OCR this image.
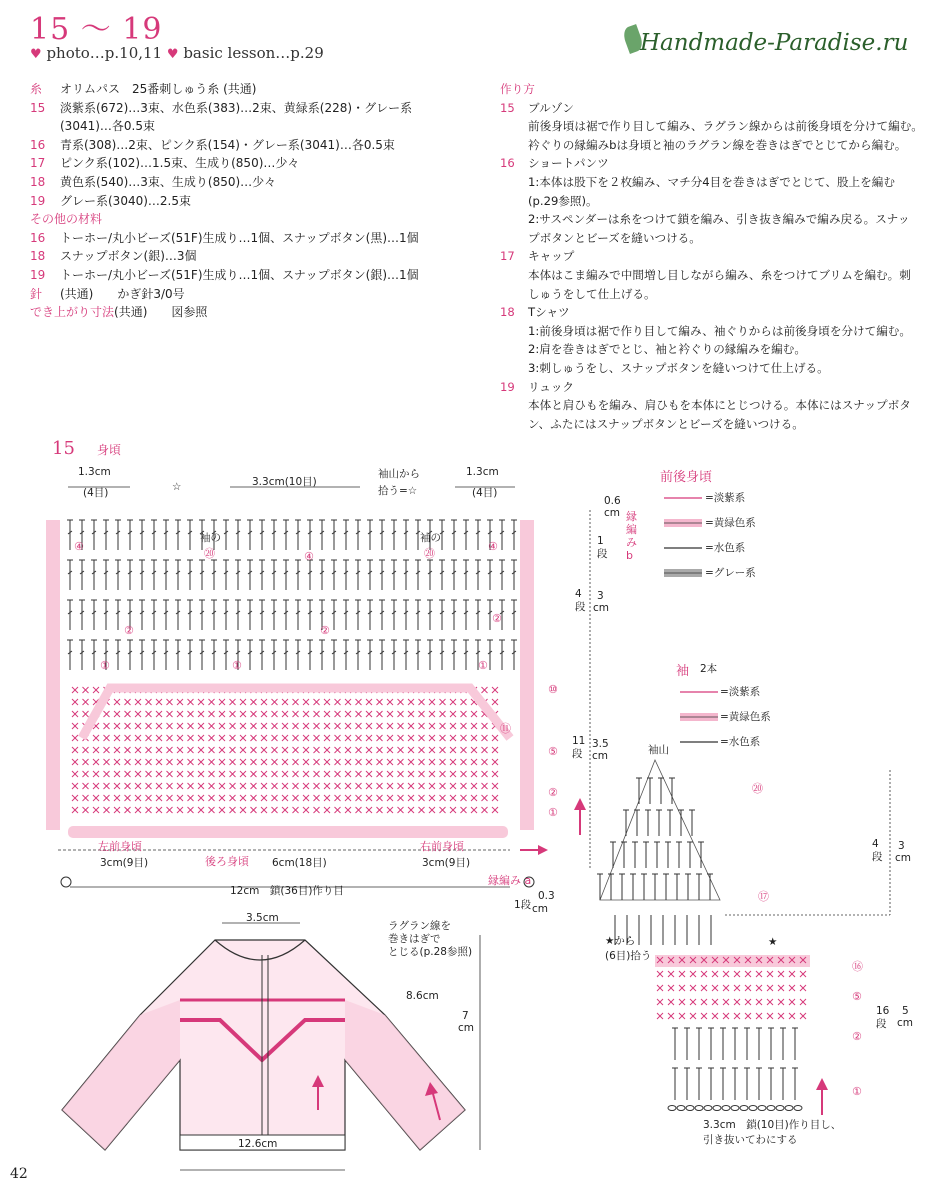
15 〜 19
♥ photo…p.10,11 ♥ basic lesson…p.29	Handmade-Paradise.ru
糸 オリムパス　25番刺しゅう糸 (共通)
15 淡紫系(672)…3束、水色系(383)…2束、黄緑系(228)・グレー系
(3041)…各0.5束
16 青系(308)…2束、ピンク系(154)・グレー系(3041)…各0.5束
17 ピンク系(102)…1.5束、生成り(850)…少々
18 黄色系(540)…3束、生成り(850)…少々
19 グレー系(3040)…2.5束
その他の材料
16 トーホー/丸小ビーズ(51F)生成り…1個、スナップボタン(黒)…1個
18 スナップボタン(銀)…3個
19 トーホー/丸小ビーズ(51F)生成り…1個、スナップボタン(銀)…1個
針 (共通)　　かぎ針3/0号
でき上がり寸法(共通)　　図参照
作り方
15 ブルゾン
前後身頃は裾で作り目して編み、ラグラン線からは前後身頃を分けて編む。
衿ぐりの縁編みbは身頃と袖のラグラン線を巻きはぎでとじてから編む。
16 ショートパンツ
1:本体は股下を２枚編み、マチ分4目を巻きはぎでとじて、股上を編む
(p.29参照)。
2:サスペンダーは糸をつけて鎖を編み、引き抜き編みで編み戻る。スナッ
プボタンとビーズを縫いつける。
17 キャップ
本体はこま編みで中間増し目しながら編み、糸をつけてブリムを編む。刺
しゅうをして仕上げる。
18 Tシャツ
1:前後身頃は裾で作り目して編み、袖ぐりからは前後身頃を分けて編む。
2:肩を巻きはぎでとじ、袖と衿ぐりの縁編みを編む。
3:刺しゅうをし、スナップボタンを縫いつけて仕上げる。
19 リュック
本体と肩ひもを編み、肩ひもを本体にとじつける。本体にはスナップボタ
ン、ふたにはスナップボタンとビーズを縫いつける。
15 身頃
1.3cm
(4目)	☆	3.3cm(10目)
袖山から
拾う=☆
1.3cm
(4目)
袖の	袖の
④
⑳	④	⑳
④
②	②
②
①	①	①
⑪
⑩
⑤
②
①
左前身頃
後ろ身頃 6cm(18目)
右前身頃
3cm(9目)	3cm(9目)
12cm　鎖(36目)作り目
縁編み a
0.3
cm
1段
0.6
cm 縁編みb
1段
3
cm
4段
3.5
cm
11段
前後身頃
=淡紫系
=黄緑色系
=水色系
=グレー系
袖 2本
=淡紫系
=黄緑色系
=水色系
袖山
⑳
⑰
4段
3
cm
★から
(6目)拾う
★
⑯
⑤
②
①
16段
5
cm
3.3cm　鎖(10目)作り目し、
引き抜いてわにする
3.5cm
ラグラン線を
巻きはぎで
とじる(p.28参照)
8.6cm
7
cm
12.6cm
42
